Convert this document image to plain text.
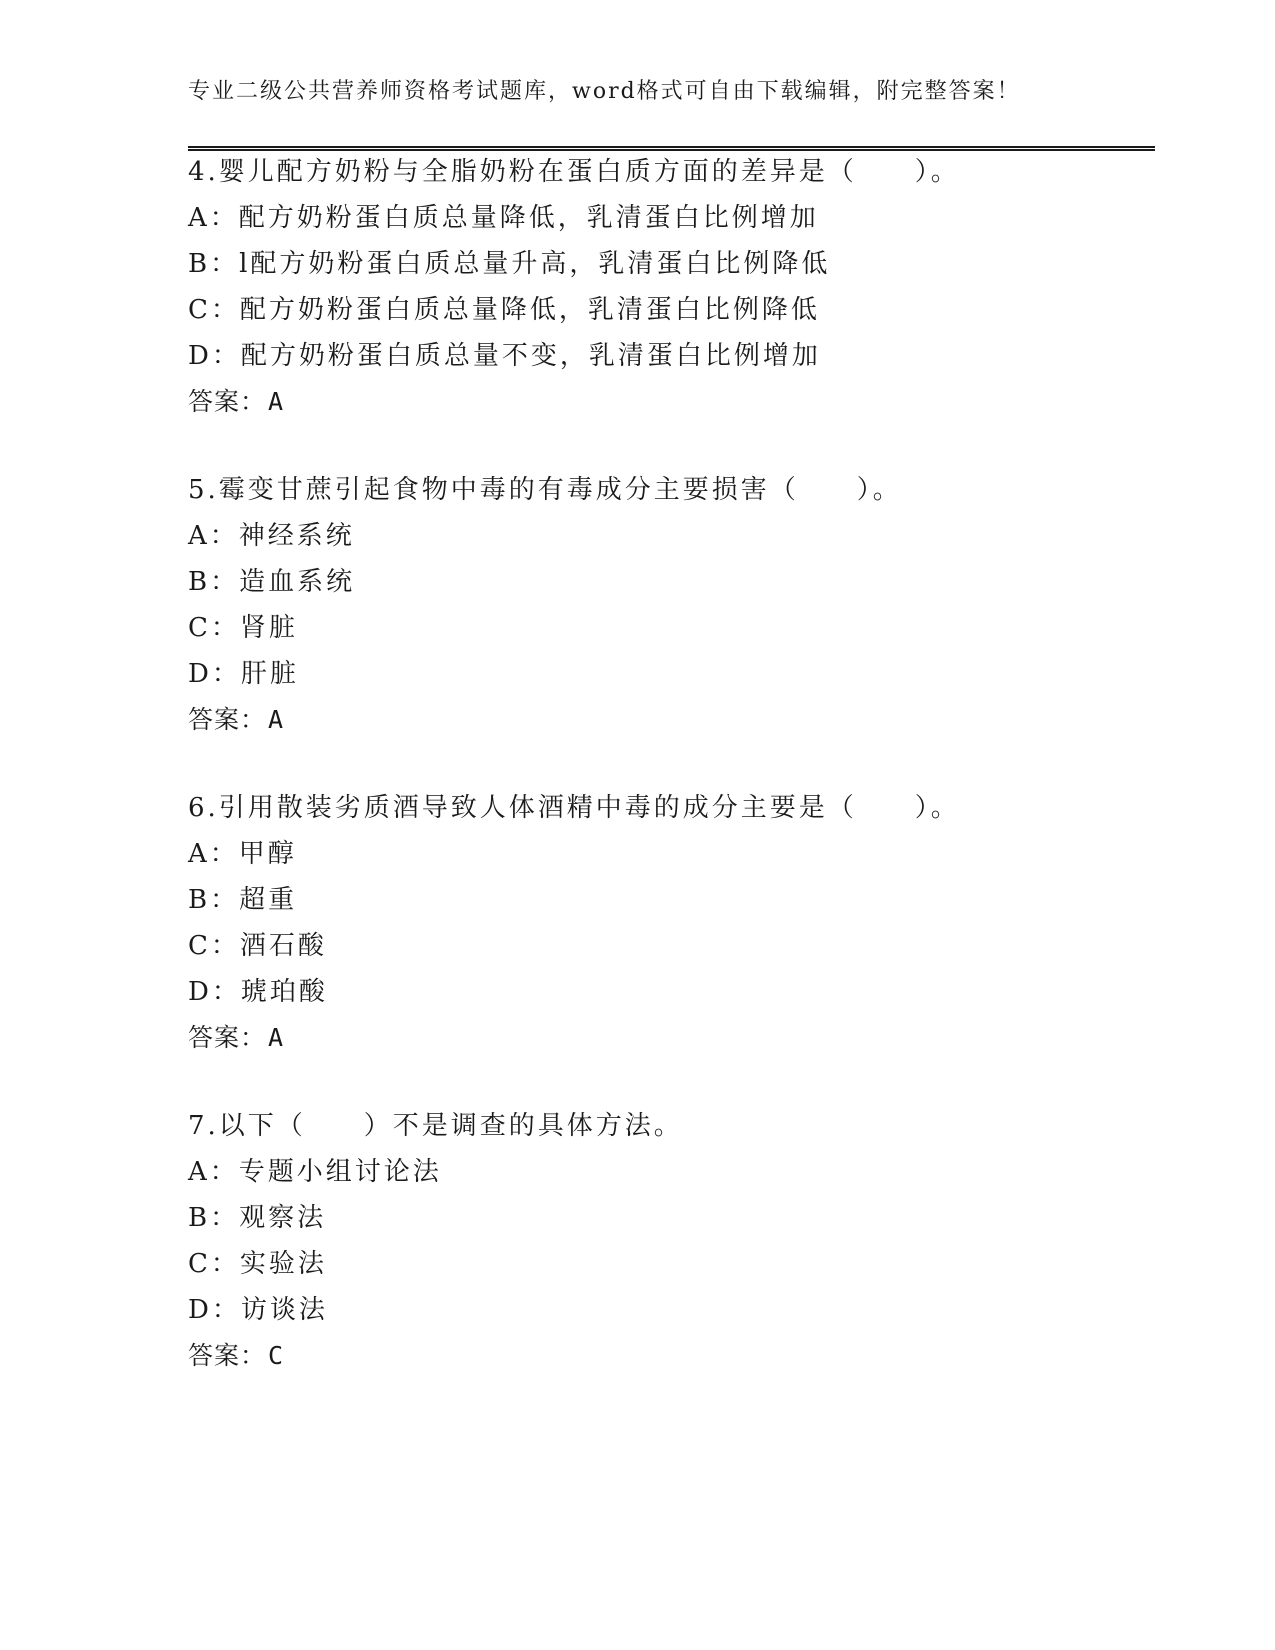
专业二级公共营养师资格考试题库，word格式可自由下载编辑，附完整答案！
4.婴儿配方奶粉与全脂奶粉在蛋白质方面的差异是（　　）。
A：配方奶粉蛋白质总量降低，乳清蛋白比例增加
B：l配方奶粉蛋白质总量升高，乳清蛋白比例降低
C：配方奶粉蛋白质总量降低，乳清蛋白比例降低
D：配方奶粉蛋白质总量不变，乳清蛋白比例增加
答案：A
5.霉变甘蔗引起食物中毒的有毒成分主要损害（　　）。
A：神经系统
B：造血系统
C：肾脏
D：肝脏
答案：A
6.引用散装劣质酒导致人体酒精中毒的成分主要是（　　）。
A：甲醇
B：超重
C：酒石酸
D：琥珀酸
答案：A
7.以下（　　）不是调查的具体方法。
A：专题小组讨论法
B：观察法
C：实验法
D：访谈法
答案：C
